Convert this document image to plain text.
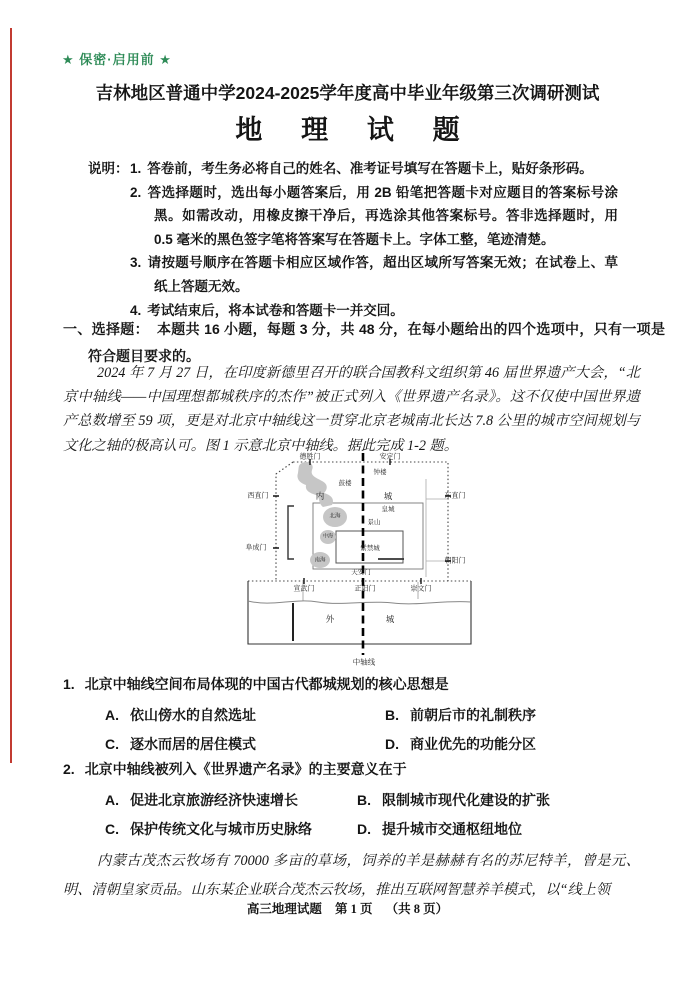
★ 保密·启用前 ★
吉林地区普通中学2024-2025学年度高中毕业年级第三次调研测试
地 理 试 题
说明： 1. 答卷前，考生务必将自己的姓名、准考证号填写在答题卡上，贴好条形码。
2. 答选择题时，选出每小题答案后，用 2B 铅笔把答题卡对应题目的答案标号涂黑。如需改动，用橡皮擦干净后，再选涂其他答案标号。答非选择题时，用 0.5 毫米的黑色签字笔将答案写在答题卡上。字体工整，笔迹清楚。
3. 请按题号顺序在答题卡相应区域作答，超出区域所写答案无效；在试卷上、草纸上答题无效。
4. 考试结束后，将本试卷和答题卡一并交回。
一、选择题： 本题共 16 小题，每题 3 分，共 48 分，在每小题给出的四个选项中，只有一项是符合题目要求的。
2024 年 7 月 27 日，在印度新德里召开的联合国教科文组织第 46 届世界遗产大会，“北京中轴线——中国理想都城秩序的杰作”被正式列入《世界遗产名录》。这不仅使中国世界遗产总数增至 59 项，更是对北京中轴线这一贯穿北京老城南北长达 7.8 公里的城市空间规划与文化之轴的极高认可。图 1 示意北京中轴线。据此完成 1-2 题。
德胜门	安定门
钟楼
鼓楼
西直门	东直门
阜成门
朝阳门
内	城
北海
中海
南海
皇城
景山
紫禁城
天安门
宣武门	正阳门	崇文门
外	城
中轴线
1. 北京中轴线空间布局体现的中国古代都城规划的核心思想是
A. 依山傍水的自然选址	B. 前朝后市的礼制秩序
C. 逐水而居的居住模式	D. 商业优先的功能分区
2. 北京中轴线被列入《世界遗产名录》的主要意义在于
A. 促进北京旅游经济快速增长	B. 限制城市现代化建设的扩张
C. 保护传统文化与城市历史脉络	D. 提升城市交通枢纽地位
内蒙古茂杰云牧场有 70000 多亩的草场，饲养的羊是赫赫有名的苏尼特羊，曾是元、明、清朝皇家贡品。山东某企业联合茂杰云牧场，推出互联网智慧养羊模式，以“线上领
高三地理试题 第 1 页 （共 8 页）
